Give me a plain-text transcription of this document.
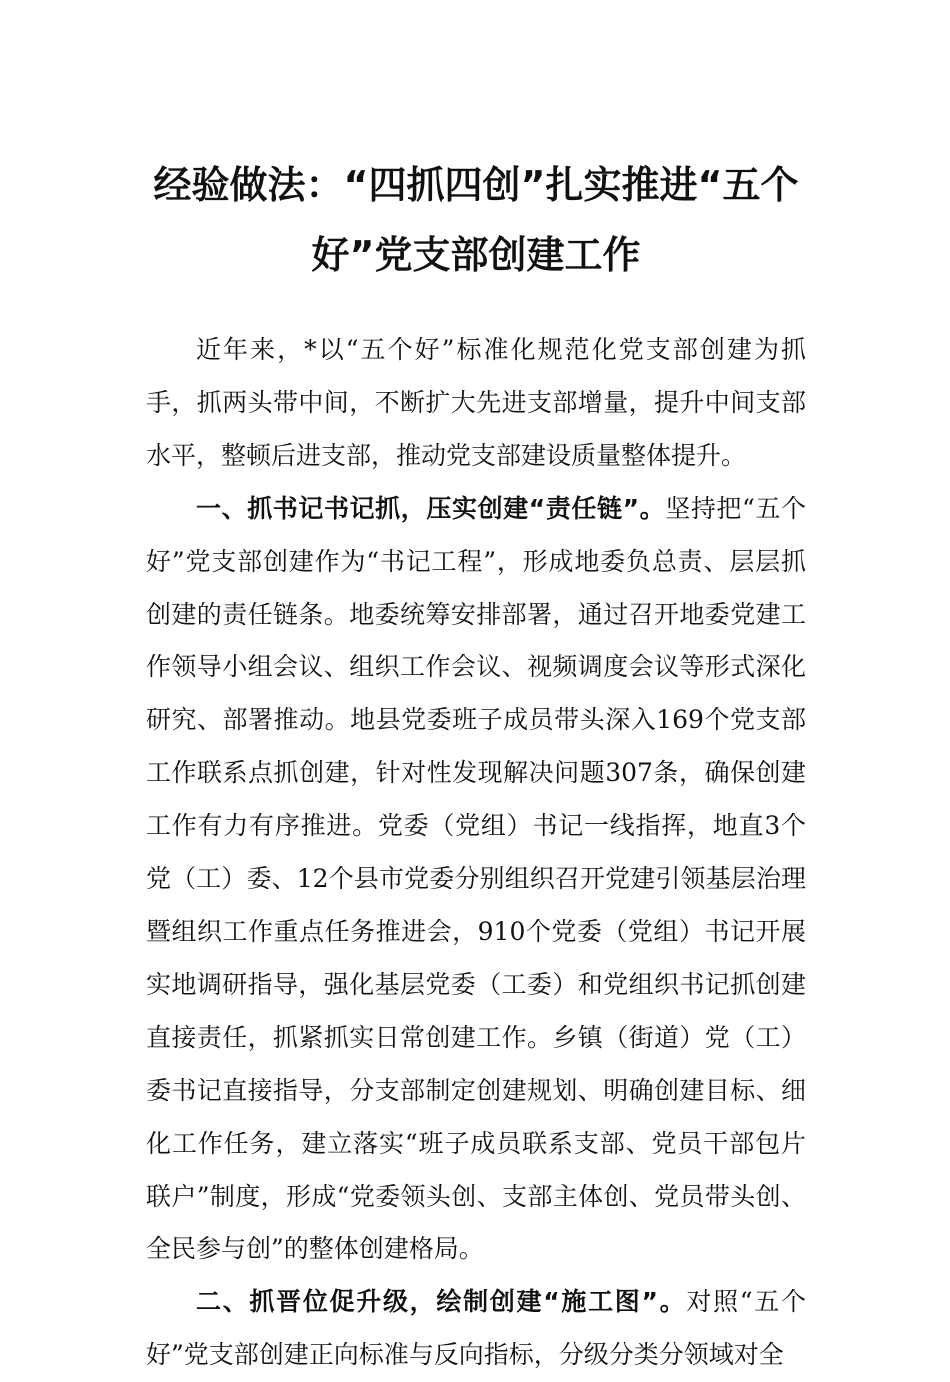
经验做法：“四抓四创”扎实推进“五个好”党支部创建工作

近年来，*以“五个好”标准化规范化党支部创建为抓手，抓两头带中间，不断扩大先进支部增量，提升中间支部水平，整顿后进支部，推动党支部建设质量整体提升。

一、抓书记书记抓，压实创建“责任链”。坚持把“五个好”党支部创建作为“书记工程”，形成地委负总责、层层抓创建的责任链条。地委统筹安排部署，通过召开地委党建工作领导小组会议、组织工作会议、视频调度会议等形式深化研究、部署推动。地县党委班子成员带头深入169个党支部工作联系点抓创建，针对性发现解决问题307条，确保创建工作有力有序推进。党委（党组）书记一线指挥，地直3个党（工）委、12个县市党委分别组织召开党建引领基层治理暨组织工作重点任务推进会，910个党委（党组）书记开展实地调研指导，强化基层党委（工委）和党组织书记抓创建直接责任，抓紧抓实日常创建工作。乡镇（街道）党（工）委书记直接指导，分支部制定创建规划、明确创建目标、细化工作任务，建立落实“班子成员联系支部、党员干部包片联户”制度，形成“党委领头创、支部主体创、党员带头创、全民参与创”的整体创建格局。

二、抓晋位促升级，绘制创建“施工图”。对照“五个好”党支部创建正向标准与反向指标，分级分类分领域对全
